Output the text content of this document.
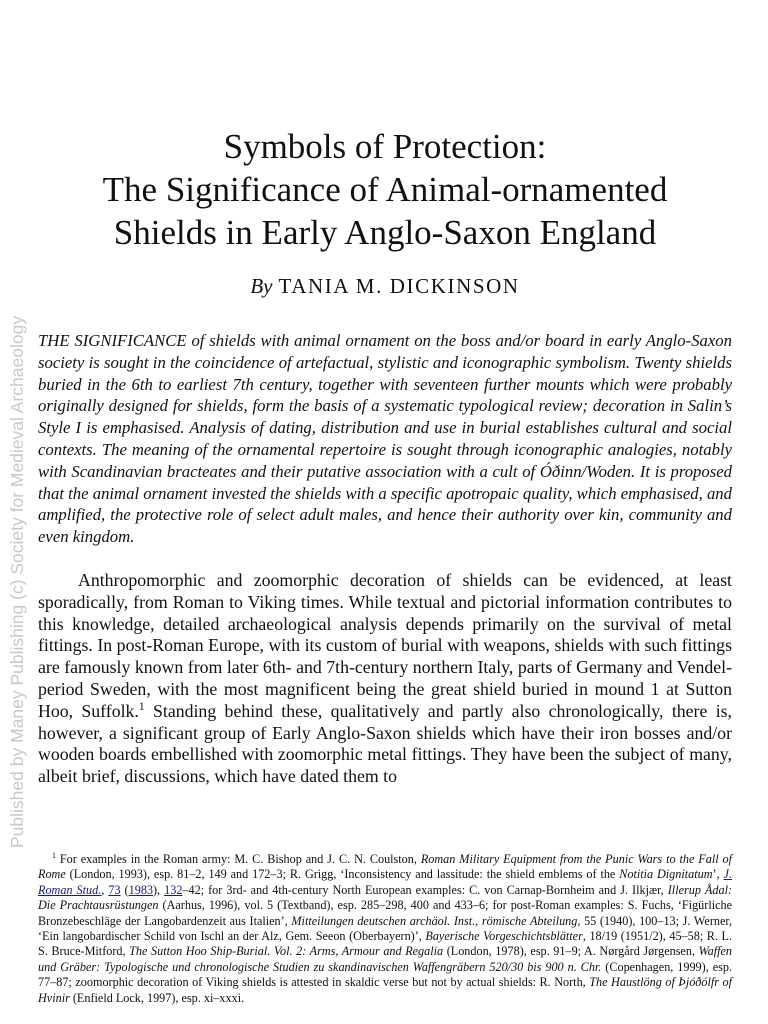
Published by Maney Publishing (c) Society for Medieval Archaeology
Symbols of Protection:
The Significance of Animal-ornamented
Shields in Early Anglo-Saxon England
By TANIA M. DICKINSON

THE SIGNIFICANCE of shields with animal ornament on the boss and/or board in early Anglo-Saxon society is sought in the coincidence of artefactual, stylistic and iconographic symbolism. Twenty shields buried in the 6th to earliest 7th century, together with seventeen further mounts which were probably originally designed for shields, form the basis of a systematic typological review; decoration in Salin’s Style I is emphasised. Analysis of dating, distribution and use in burial establishes cultural and social contexts. The meaning of the ornamental repertoire is sought through iconographic analogies, notably with Scandinavian bracteates and their putative association with a cult of Óðinn/Woden. It is proposed that the animal ornament invested the shields with a specific apotropaic quality, which emphasised, and amplified, the protective role of select adult males, and hence their authority over kin, community and even kingdom.

Anthropomorphic and zoomorphic decoration of shields can be evidenced, at least sporadically, from Roman to Viking times. While textual and pictorial information contributes to this knowledge, detailed archaeological analysis depends primarily on the survival of metal fittings. In post-Roman Europe, with its custom of burial with weapons, shields with such fittings are famously known from later 6th- and 7th-century northern Italy, parts of Germany and Vendel-period Sweden, with the most magnificent being the great shield buried in mound 1 at Sutton Hoo, Suffolk.$^1$ Standing behind these, qualitatively and partly also chronologically, there is, however, a significant group of Early Anglo-Saxon shields which have their iron bosses and/or wooden boards embellished with zoomorphic metal fittings. They have been the subject of many, albeit brief, discussions, which have dated them to

$^1$ For examples in the Roman army: M. C. Bishop and J. C. N. Coulston, Roman Military Equipment from the Punic Wars to the Fall of Rome (London, 1993), esp. 81–2, 149 and 172–3; R. Grigg, ‘Inconsistency and lassitude: the shield emblems of the Notitia Dignitatum’, J. Roman Stud., 73 (1983), 132–42; for 3rd- and 4th-century North European examples: C. von Carnap-Bornheim and J. Ilkjær, Illerup Ådal: Die Prachtausrüstungen (Aarhus, 1996), vol. 5 (Textband), esp. 285–298, 400 and 433–6; for post-Roman examples: S. Fuchs, ‘Figürliche Bronzebeschläge der Langobardenzeit aus Italien’, Mitteilungen deutschen archäol. Inst., römische Abteilung, 55 (1940), 100–13; J. Werner, ‘Ein langobardischer Schild von Ischl an der Alz, Gem. Seeon (Oberbayern)’, Bayerische Vorgeschichtsblätter, 18/19 (1951/2), 45–58; R. L. S. Bruce-Mitford, The Sutton Hoo Ship-Burial. Vol. 2: Arms, Armour and Regalia (London, 1978), esp. 91–9; A. Nørgård Jørgensen, Waffen und Gräber: Typologische und chronologische Studien zu skandinavischen Waffengräbern 520/30 bis 900 n. Chr. (Copenhagen, 1999), esp. 77–87; zoomorphic decoration of Viking shields is attested in skaldic verse but not by actual shields: R. North, The Haustlöng of Þjóðólfr of Hvinir (Enfield Lock, 1997), esp. xi–xxxi.
